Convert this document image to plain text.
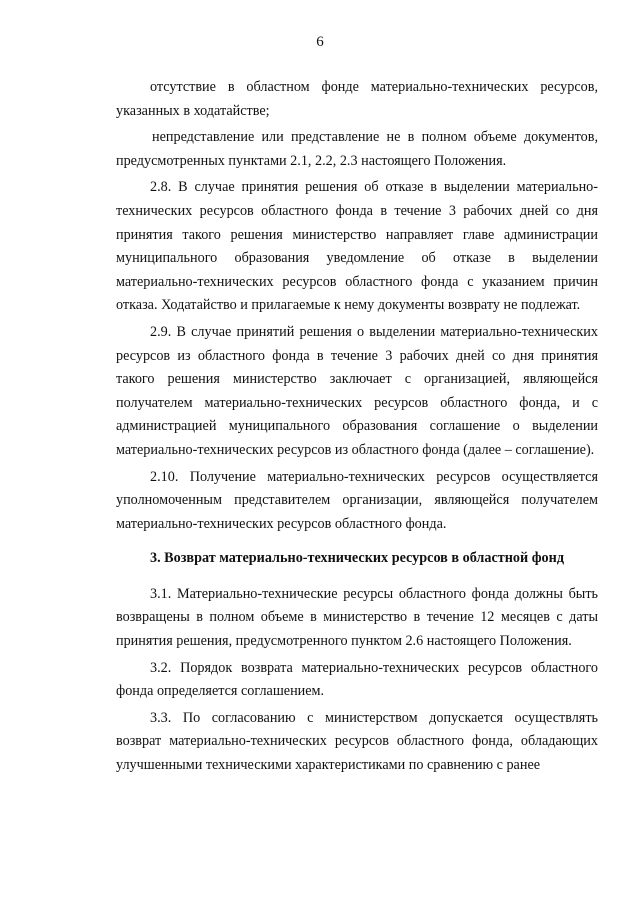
6

отсутствие в областном фонде материально-технических ресурсов, указанных в ходатайстве;

непредставление или представление не в полном объеме документов, предусмотренных пунктами 2.1, 2.2, 2.3 настоящего Положения.

2.8. В случае принятия решения об отказе в выделении материально-технических ресурсов областного фонда в течение 3 рабочих дней со дня принятия такого решения министерство направляет главе администрации муниципального образования уведомление об отказе в выделении материально-технических ресурсов областного фонда с указанием причин отказа. Ходатайство и прилагаемые к нему документы возврату не подлежат.

2.9. В случае принятий решения о выделении материально-технических ресурсов из областного фонда в течение 3 рабочих дней со дня принятия такого решения министерство заключает с организацией, являющейся получателем материально-технических ресурсов областного фонда, и с администрацией муниципального образования соглашение о выделении материально-технических ресурсов из областного фонда (далее – соглашение).

2.10. Получение материально-технических ресурсов осуществляется уполномоченным представителем организации, являющейся получателем материально-технических ресурсов областного фонда.

3. Возврат материально-технических ресурсов в областной фонд

3.1. Материально-технические ресурсы областного фонда должны быть возвращены в полном объеме в министерство в течение 12 месяцев с даты принятия решения, предусмотренного пунктом 2.6 настоящего Положения.

3.2. Порядок возврата материально-технических ресурсов областного фонда определяется соглашением.

3.3. По согласованию с министерством допускается осуществлять возврат материально-технических ресурсов областного фонда, обладающих улучшенными техническими характеристиками по сравнению с ранее
